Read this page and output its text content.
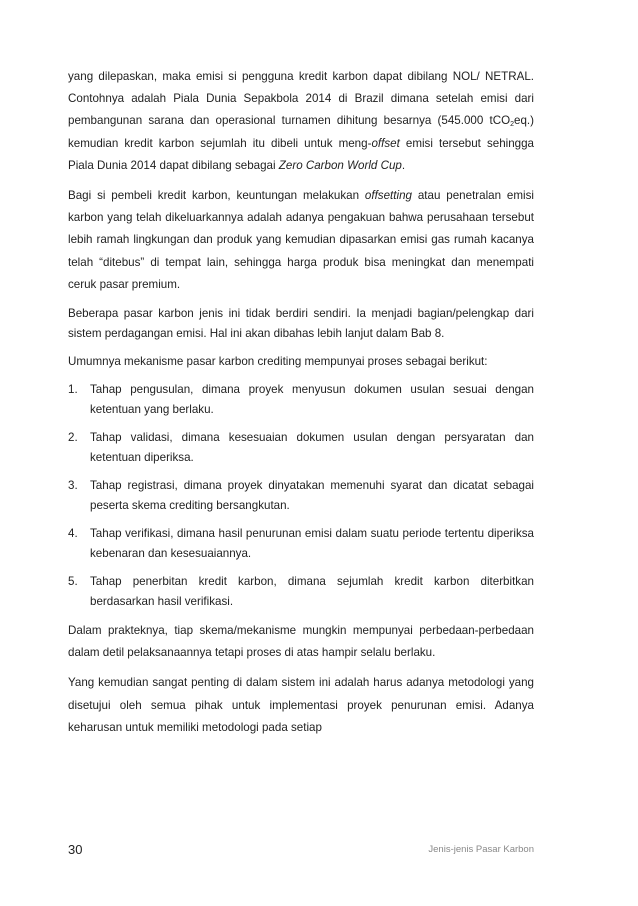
yang dilepaskan, maka emisi si pengguna kredit karbon dapat dibilang NOL/ NETRAL. Contohnya adalah Piala Dunia Sepakbola 2014 di Brazil dimana setelah emisi dari pembangunan sarana dan operasional turnamen dihitung besarnya (545.000 tCO$_2$eq.) kemudian kredit karbon sejumlah itu dibeli untuk meng-offset emisi tersebut sehingga Piala Dunia 2014 dapat dibilang sebagai Zero Carbon World Cup.

Bagi si pembeli kredit karbon, keuntungan melakukan offsetting atau penetralan emisi karbon yang telah dikeluarkannya adalah adanya pengakuan bahwa perusahaan tersebut lebih ramah lingkungan dan produk yang kemudian dipasarkan emisi gas rumah kacanya telah “ditebus” di tempat lain, sehingga harga produk bisa meningkat dan menempati ceruk pasar premium.

Beberapa pasar karbon jenis ini tidak berdiri sendiri. Ia menjadi bagian/pelengkap dari sistem perdagangan emisi. Hal ini akan dibahas lebih lanjut dalam Bab 8.

Umumnya mekanisme pasar karbon crediting mempunyai proses sebagai berikut:

1. Tahap pengusulan, dimana proyek menyusun dokumen usulan sesuai dengan ketentuan yang berlaku.
2. Tahap validasi, dimana kesesuaian dokumen usulan dengan persyaratan dan ketentuan diperiksa.
3. Tahap registrasi, dimana proyek dinyatakan memenuhi syarat dan dicatat sebagai peserta skema crediting bersangkutan.
4. Tahap verifikasi, dimana hasil penurunan emisi dalam suatu periode tertentu diperiksa kebenaran dan kesesuaiannya.
5. Tahap penerbitan kredit karbon, dimana sejumlah kredit karbon diterbitkan berdasarkan hasil verifikasi.

Dalam prakteknya, tiap skema/mekanisme mungkin mempunyai perbedaan-perbedaan dalam detil pelaksanaannya tetapi proses di atas hampir selalu berlaku.

Yang kemudian sangat penting di dalam sistem ini adalah harus adanya metodologi yang disetujui oleh semua pihak untuk implementasi proyek penurunan emisi. Adanya keharusan untuk memiliki metodologi pada setiap

30	Jenis-jenis Pasar Karbon
